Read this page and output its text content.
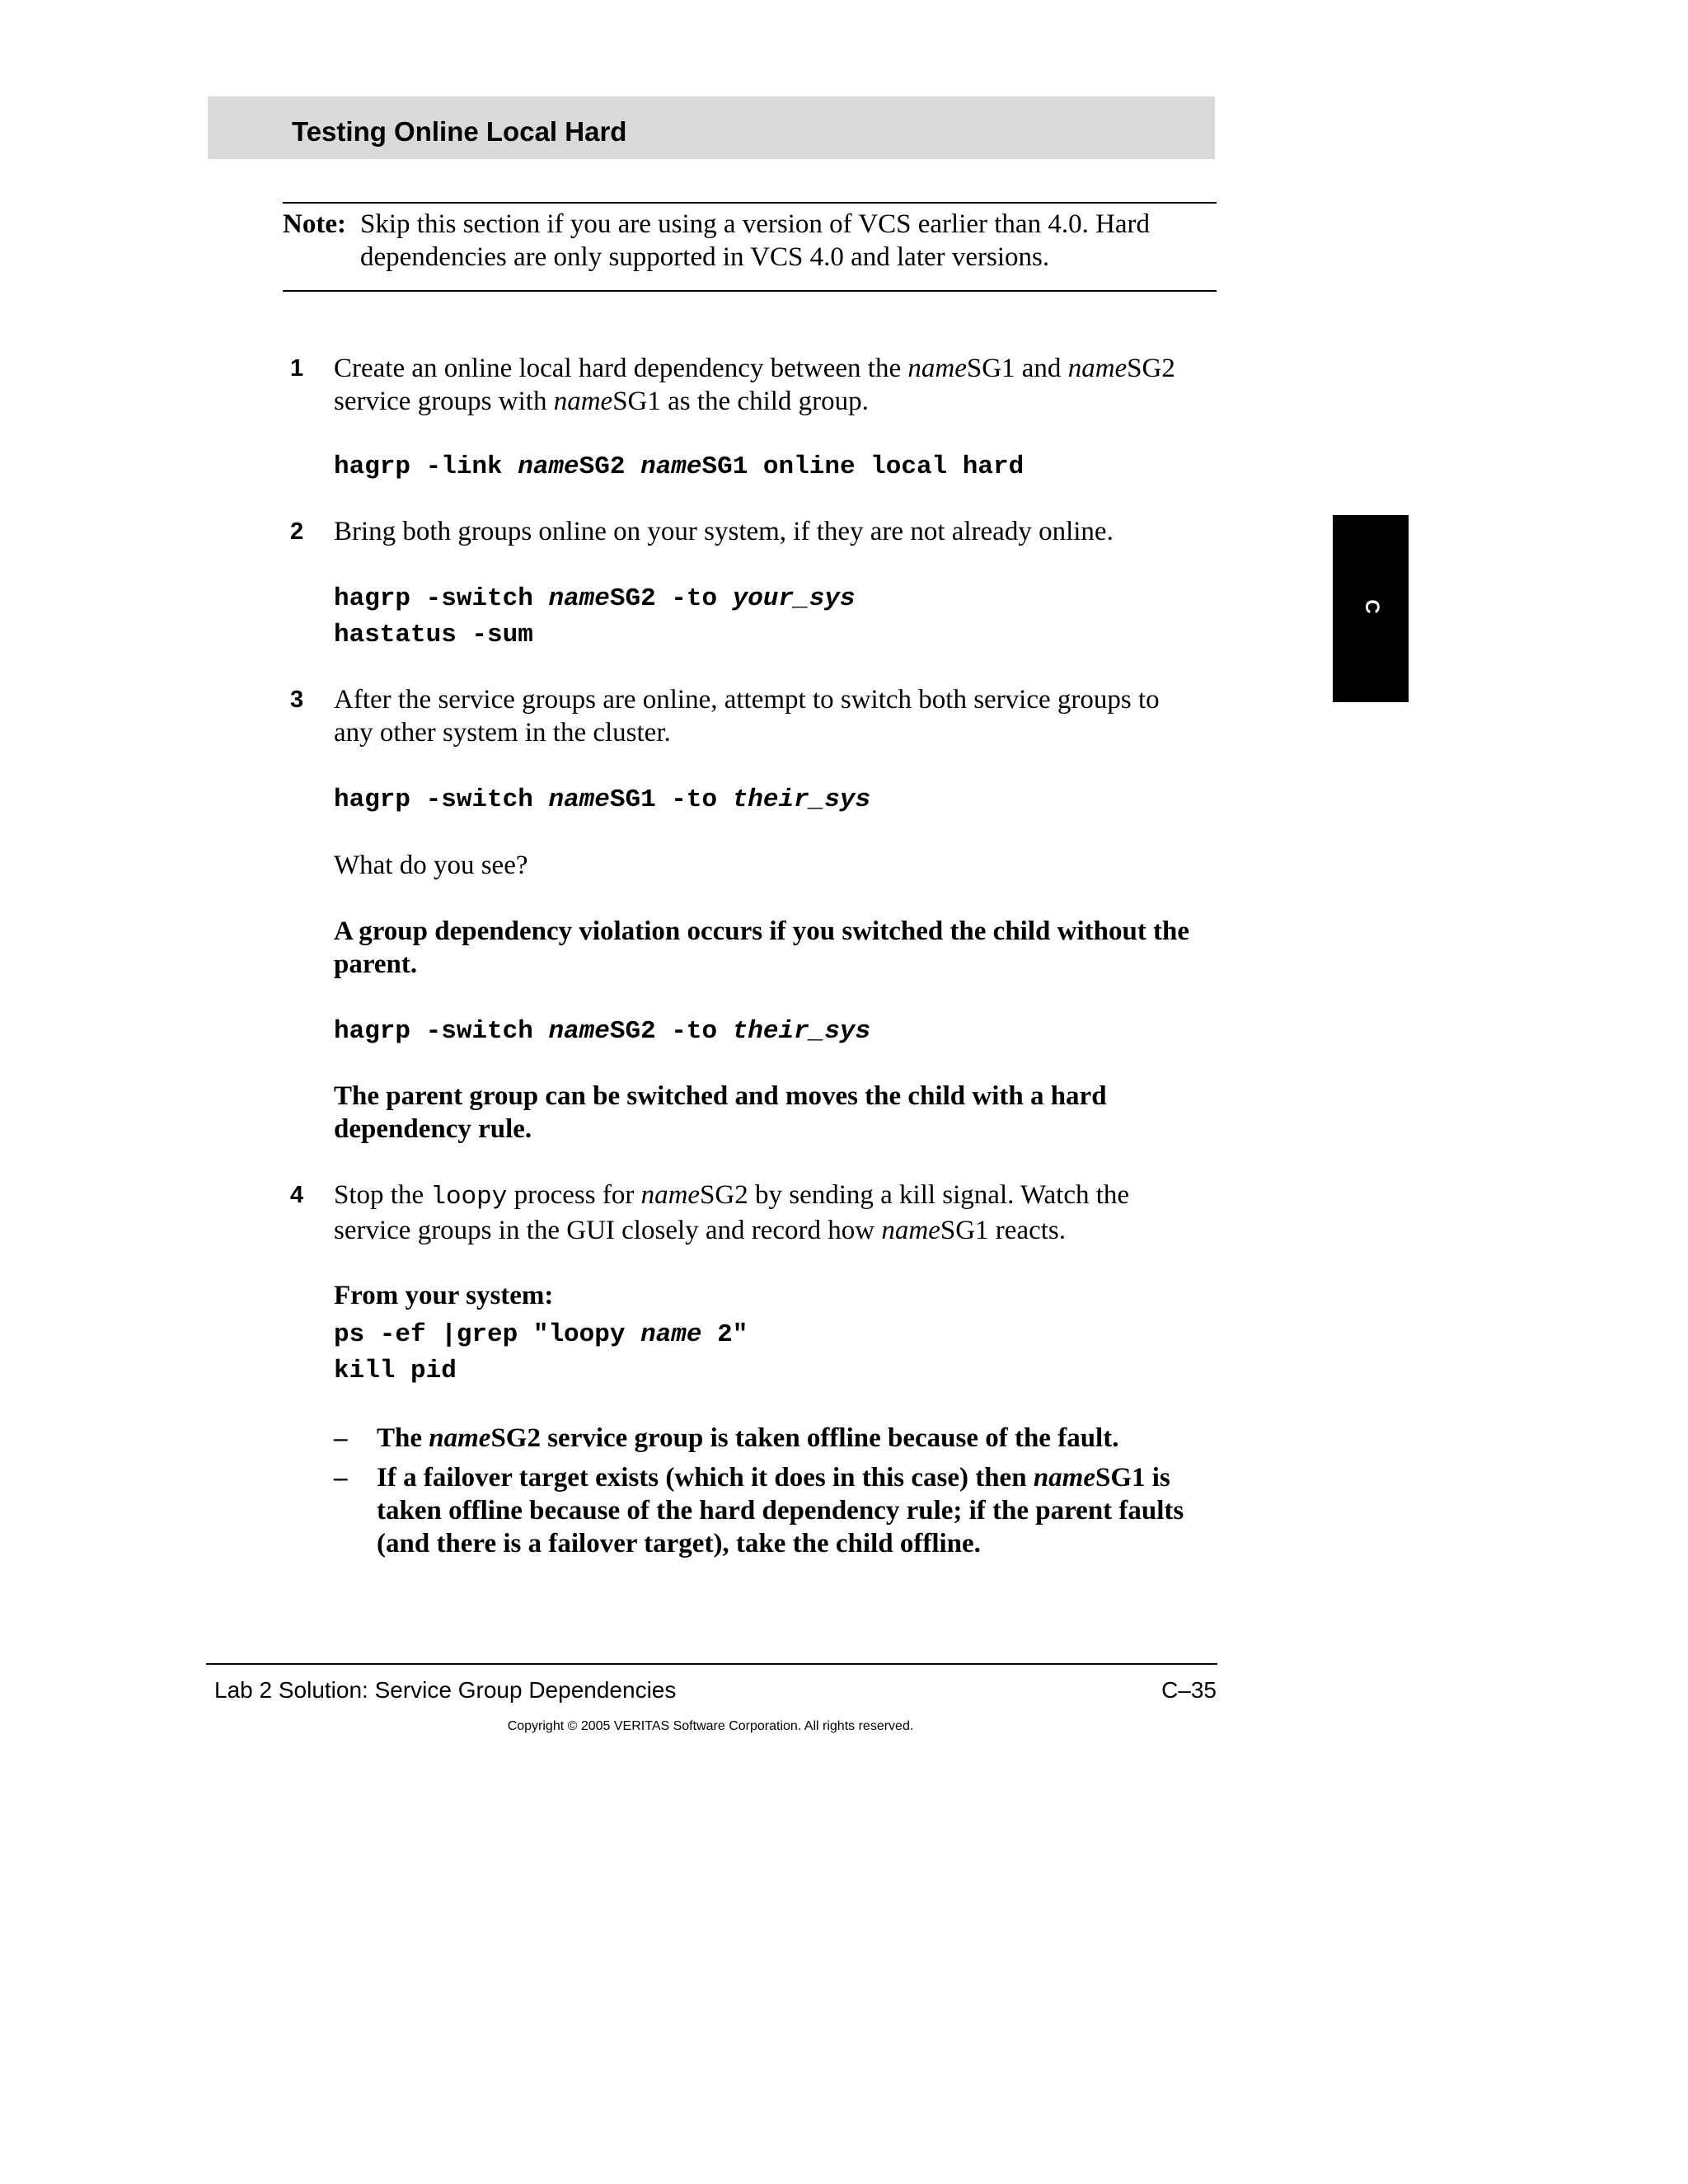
Testing Online Local Hard
Note: Skip this section if you are using a version of VCS earlier than 4.0. Hard dependencies are only supported in VCS 4.0 and later versions.
1 Create an online local hard dependency between the nameSG1 and nameSG2
service groups with nameSG1 as the child group.
hagrp -link nameSG2 nameSG1 online local hard
2 Bring both groups online on your system, if they are not already online.
hagrp -switch nameSG2 -to your_sys
hastatus -sum
C
3 After the service groups are online, attempt to switch both service groups to
any other system in the cluster.
hagrp -switch nameSG1 -to their_sys
What do you see?
A group dependency violation occurs if you switched the child without the
parent.
hagrp -switch nameSG2 -to their_sys
The parent group can be switched and moves the child with a hard
dependency rule.
4 Stop the loopy process for nameSG2 by sending a kill signal. Watch the
service groups in the GUI closely and record how nameSG1 reacts.
From your system:
ps -ef |grep "loopy name 2"
kill pid
– The nameSG2 service group is taken offline because of the fault.
– If a failover target exists (which it does in this case) then nameSG1 is
taken offline because of the hard dependency rule; if the parent faults
(and there is a failover target), take the child offline.
Lab 2 Solution: Service Group Dependencies	C–35
Copyright © 2005 VERITAS Software Corporation. All rights reserved.
